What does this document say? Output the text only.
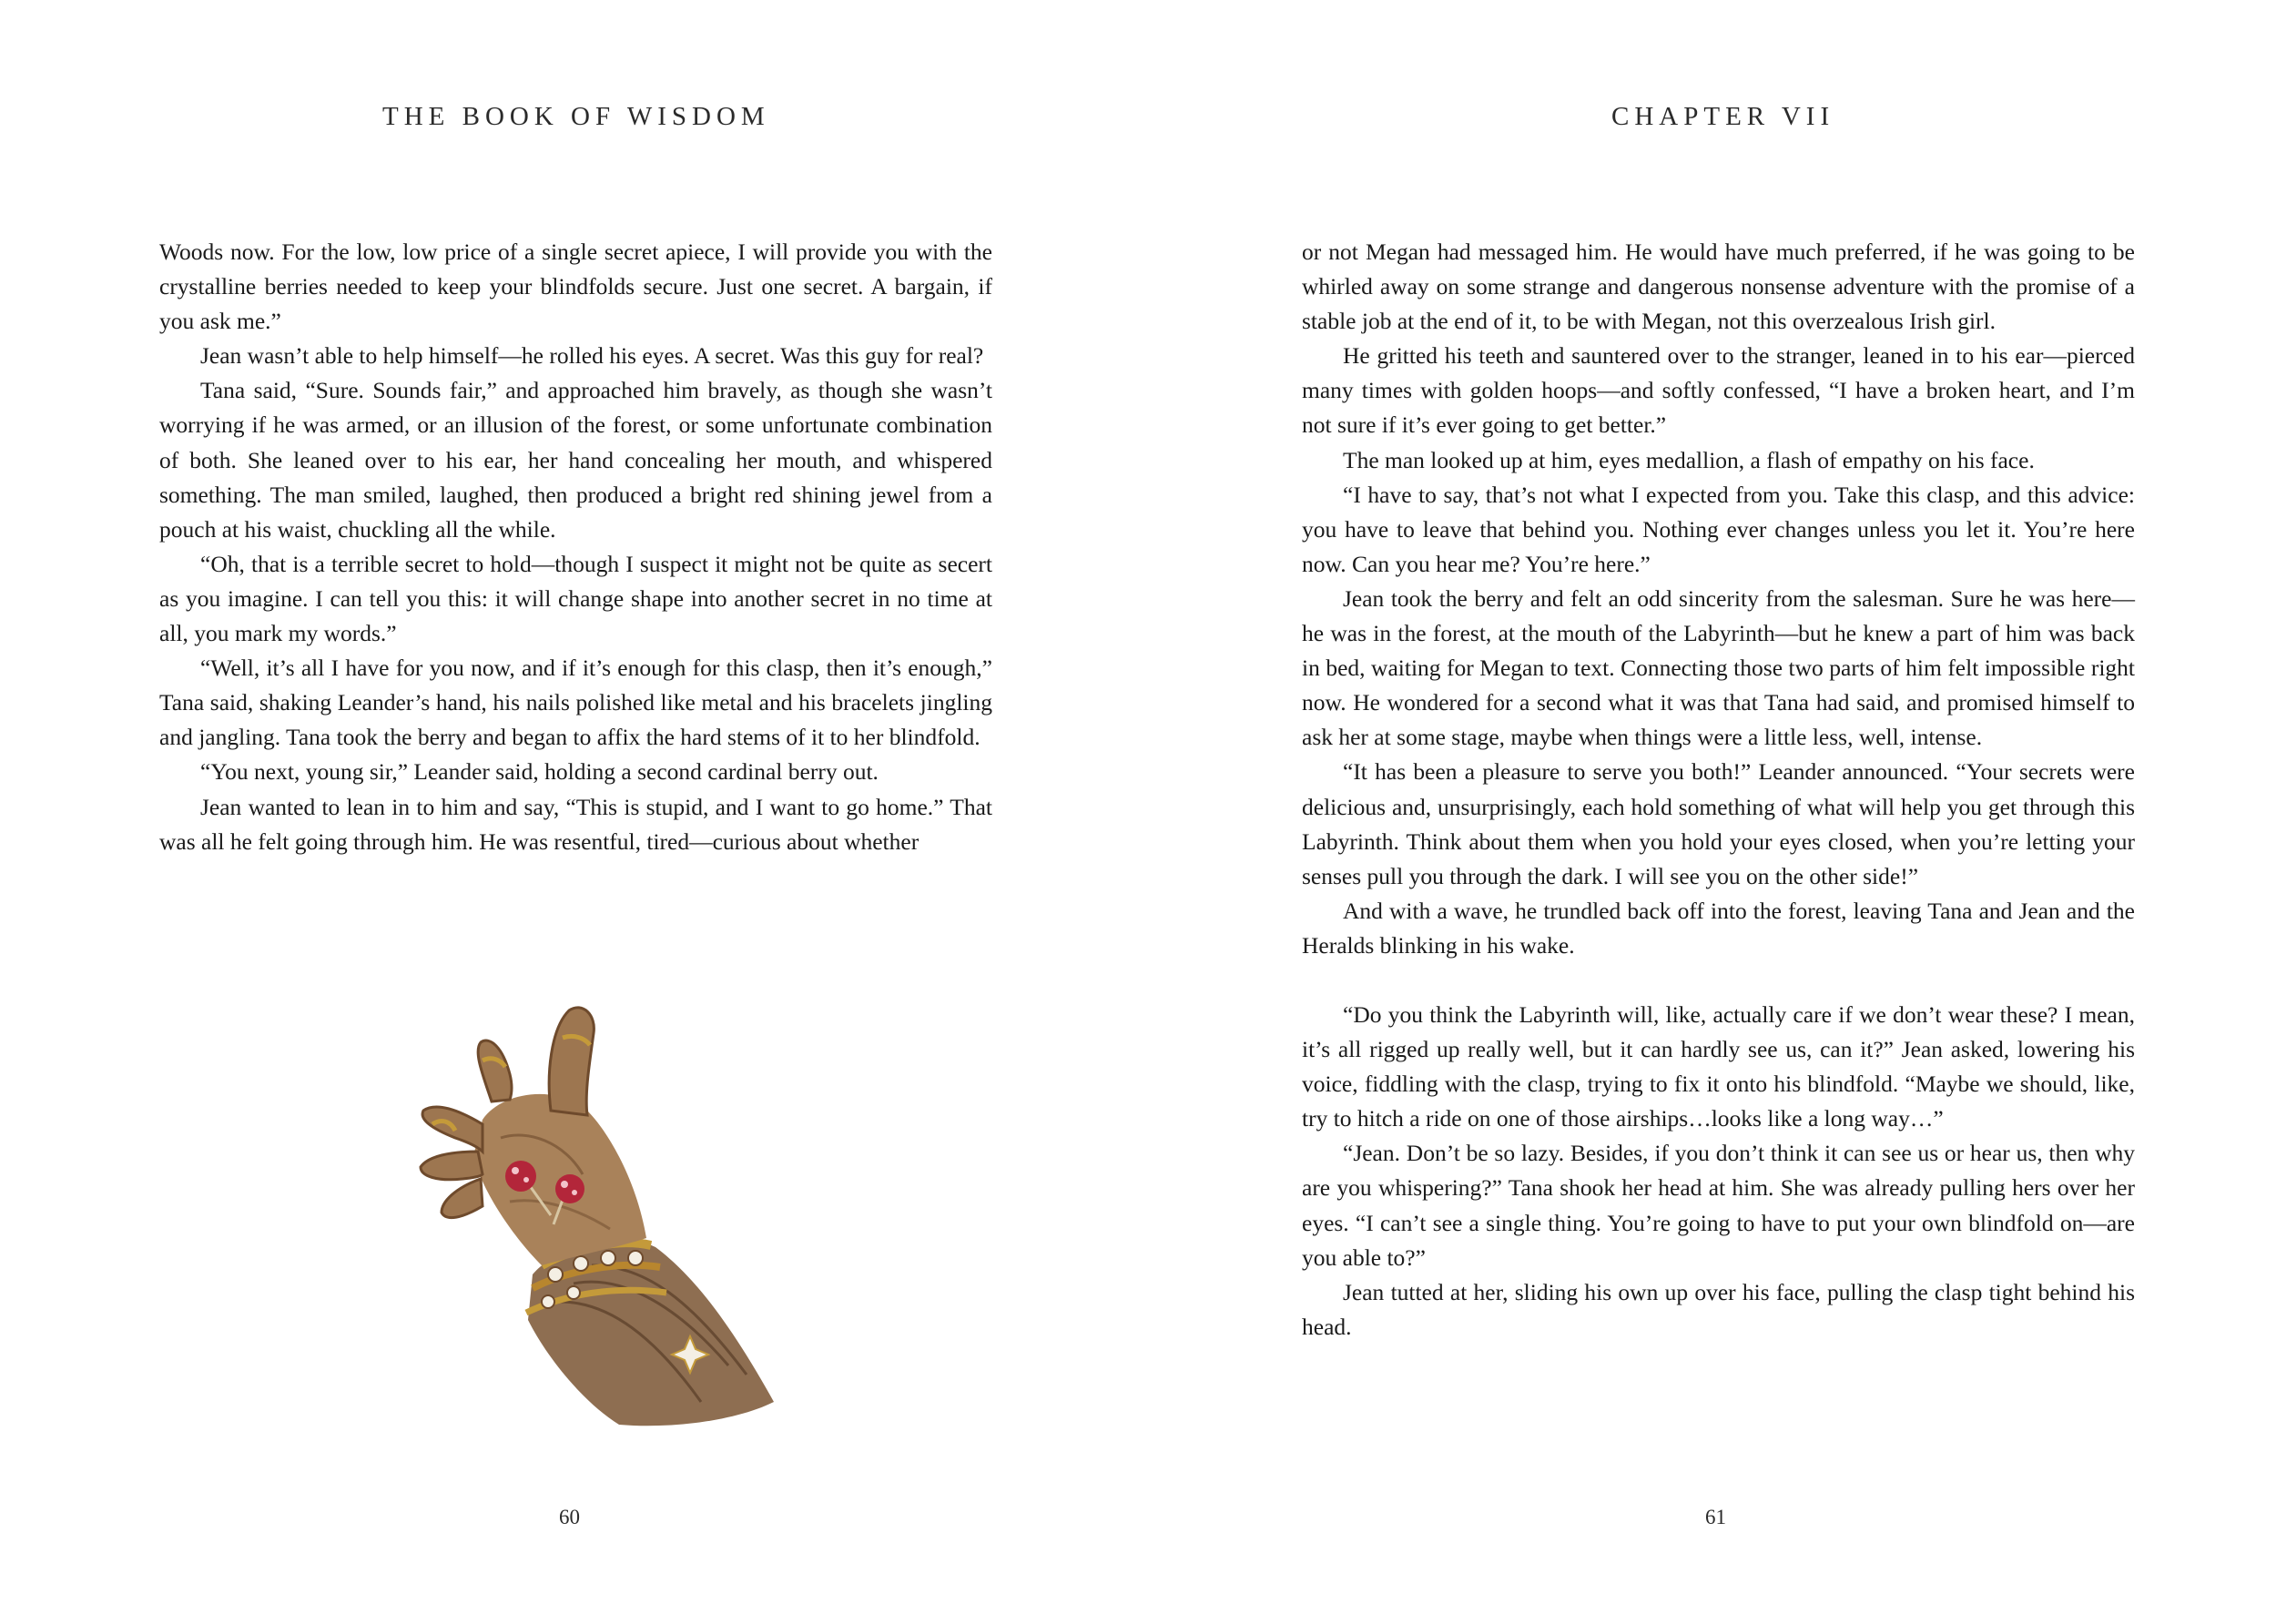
THE BOOK OF WISDOM

Woods now. For the low, low price of a single secret apiece, I will provide you with the crystalline berries needed to keep your blindfolds secure. Just one secret. A bargain, if you ask me.”

Jean wasn’t able to help himself—he rolled his eyes. A secret. Was this guy for real?

Tana said, “Sure. Sounds fair,” and approached him bravely, as though she wasn’t worrying if he was armed, or an illusion of the forest, or some unfortunate combination of both. She leaned over to his ear, her hand concealing her mouth, and whispered something. The man smiled, laughed, then produced a bright red shining jewel from a pouch at his waist, chuckling all the while.

“Oh, that is a terrible secret to hold—though I suspect it might not be quite as secert as you imagine. I can tell you this: it will change shape into another secret in no time at all, you mark my words.”

“Well, it’s all I have for you now, and if it’s enough for this clasp, then it’s enough,” Tana said, shaking Leander’s hand, his nails polished like metal and his bracelets jingling and jangling. Tana took the berry and began to affix the hard stems of it to her blindfold.

“You next, young sir,” Leander said, holding a second cardinal berry out.

Jean wanted to lean in to him and say, “This is stupid, and I want to go home.” That was all he felt going through him. He was resentful, tired—curious about whether

60
CHAPTER VII

or not Megan had messaged him. He would have much preferred, if he was going to be whirled away on some strange and dangerous nonsense adventure with the promise of a stable job at the end of it, to be with Megan, not this overzealous Irish girl.

He gritted his teeth and sauntered over to the stranger, leaned in to his ear—pierced many times with golden hoops—and softly confessed, “I have a broken heart, and I’m not sure if it’s ever going to get better.”

The man looked up at him, eyes medallion, a flash of empathy on his face.

“I have to say, that’s not what I expected from you. Take this clasp, and this advice: you have to leave that behind you. Nothing ever changes unless you let it. You’re here now. Can you hear me? You’re here.”

Jean took the berry and felt an odd sincerity from the salesman. Sure he was here—he was in the forest, at the mouth of the Labyrinth—but he knew a part of him was back in bed, waiting for Megan to text. Connecting those two parts of him felt impossible right now. He wondered for a second what it was that Tana had said, and promised himself to ask her at some stage, maybe when things were a little less, well, intense.

“It has been a pleasure to serve you both!” Leander announced. “Your secrets were delicious and, unsurprisingly, each hold something of what will help you get through this Labyrinth. Think about them when you hold your eyes closed, when you’re letting your senses pull you through the dark. I will see you on the other side!”

And with a wave, he trundled back off into the forest, leaving Tana and Jean and the Heralds blinking in his wake.

“Do you think the Labyrinth will, like, actually care if we don’t wear these? I mean, it’s all rigged up really well, but it can hardly see us, can it?” Jean asked, lowering his voice, fiddling with the clasp, trying to fix it onto his blindfold. “Maybe we should, like, try to hitch a ride on one of those airships…looks like a long way…”

“Jean. Don’t be so lazy. Besides, if you don’t think it can see us or hear us, then why are you whispering?” Tana shook her head at him. She was already pulling hers over her eyes. “I can’t see a single thing. You’re going to have to put your own blindfold on—are you able to?”

Jean tutted at her, sliding his own up over his face, pulling the clasp tight behind his head.

61
